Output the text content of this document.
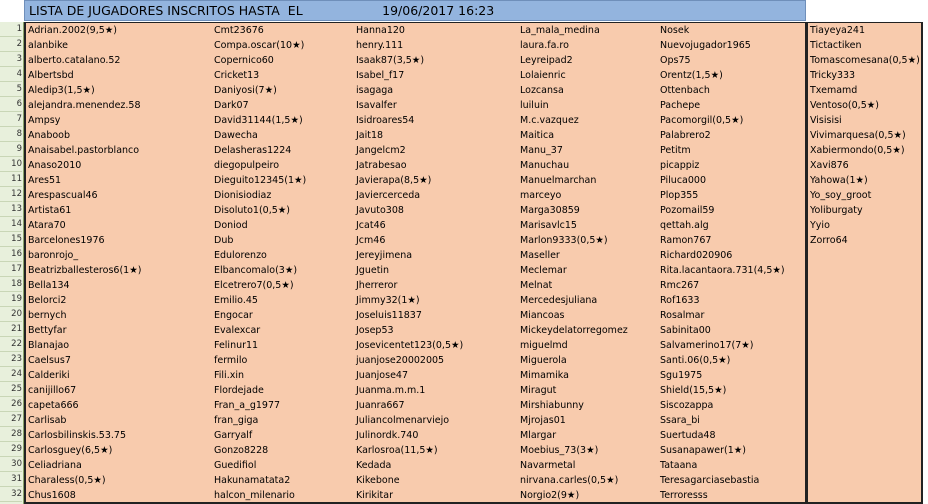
LISTA DE JUGADORES INSCRITOS HASTA  EL	19/06/2017 16:23
1
2
3
4
5
6
7
8
9
10
11
12
13
14
15
16
17
18
19
20
21
22
23
24
25
26
27
28
29
30
31
32
Adrian.2002(9,5★)
alanbike
alberto.catalano.52
Albertsbd
Aledip3(1,5★)
alejandra.menendez.58
Ampsy
Anaboob
Anaisabel.pastorblanco
Anaso2010
Ares51
Arespascual46
Artista61
Atara70
Barcelones1976
baronrojo_
Beatrizballesteros6(1★)
Bella134
Belorci2
bernych
Bettyfar
Blanajao
Caelsus7
Calderiki
canijillo67
capeta666
Carlisab
Carlosbilinskis.53.75
Carlosguey(6,5★)
Celiadriana
Charaless(0,5★)
Chus1608
Cmt23676
Compa.oscar(10★)
Copernico60
Cricket13
Daniyosi(7★)
Dark07
David31144(1,5★)
Dawecha
Delasheras1224
diegopulpeiro
Dieguito12345(1★)
Dionisiodiaz
Disoluto1(0,5★)
Doniod
Dub
Edulorenzo
Elbancomalo(3★)
Elcetrero7(0,5★)
Emilio.45
Engocar
Evalexcar
Felinur11
fermilo
Fili.xin
Flordejade
Fran_a_g1977
fran_giga
Garryalf
Gonzo8228
Guedifiol
Hakunamatata2
halcon_milenario
Hanna120
henry.111
Isaak87(3,5★)
Isabel_f17
isagaga
Isavalfer
Isidroares54
Jait18
Jangelcm2
Jatrabesao
Javierapa(8,5★)
Javiercerceda
Javuto308
Jcat46
Jcm46
Jereyjimena
Jguetin
Jherreror
Jimmy32(1★)
Joseluis11837
Josep53
Josevicentet123(0,5★)
juanjose20002005
Juanjose47
Juanma.m.m.1
Juanra667
Juliancolmenarviejo
Julinordk.740
Karlosroa(11,5★)
Kedada
Kikebone
Kirikitar
La_mala_medina
laura.fa.ro
Leyreipad2
Lolaienric
Lozcansa
luiluin
M.c.vazquez
Maitica
Manu_37
Manuchau
Manuelmarchan
marceyo
Marga30859
Marisavlc15
Marlon9333(0,5★)
Maseller
Meclemar
Melnat
Mercedesjuliana
Miancoas
Mickeydelatorregomez
miguelmd
Miguerola
Mimamika
Miragut
Mirshiabunny
Mjrojas01
Mlargar
Moebius_73(3★)
Navarmetal
nirvana.carles(0,5★)
Norgio2(9★)
Nosek
Nuevojugador1965
Ops75
Orentz(1,5★)
Ottenbach
Pachepe
Pacomorgil(0,5★)
Palabrero2
Petitm
picappiz
Piluca000
Plop355
Pozomail59
qettah.alg
Ramon767
Richard020906
Rita.lacantaora.731(4,5★)
Rmc267
Rof1633
Rosalmar
Sabinita00
Salvamerino17(7★)
Santi.06(0,5★)
Sgu1975
Shield(15,5★)
Siscozappa
Ssara_bi
Suertuda48
Susanapawer(1★)
Tataana
Teresagarciasebastia
Terroresss
Tiayeya241
Tictactiken
Tomascomesana(0,5★)
Tricky333
Txemamd
Ventoso(0,5★)
Visisisi
Vivimarquesa(0,5★)
Xabiermondo(0,5★)
Xavi876
Yahowa(1★)
Yo_soy_groot
Yoliburgaty
Yyio
Zorro64
